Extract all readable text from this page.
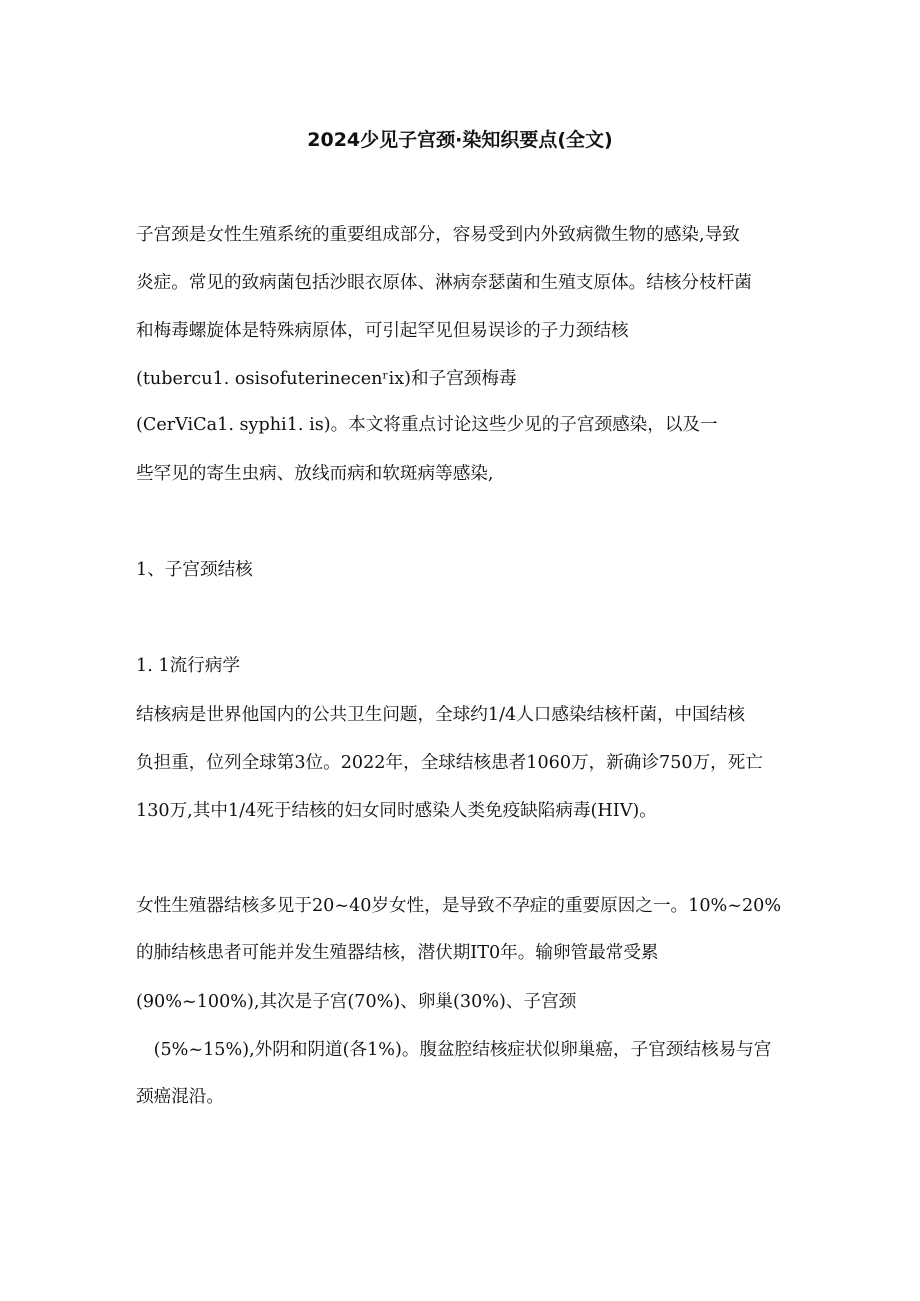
2024少见子宫颈·染知织要点(全文)
子宫颈是女性生殖系统的重要组成部分，容易受到内外致病微生物的感染,导致
炎症。常见的致病菌包括沙眼衣原体、淋病奈瑟菌和生殖支原体。结核分枝杆菌
和梅毒螺旋体是特殊病原体，可引起罕见但易误诊的子力颈结核
(tubercu1. osisofuterinecenʳix)和子宫颈梅毒
(CerViCa1. syphi1. is)。本文将重点讨论这些少见的子宫颈感染，以及一
些罕见的寄生虫病、放线而病和软斑病等感染,
1、子宫颈结核
1. 1流行病学
结核病是世界他国内的公共卫生问题，全球约1/4人口感染结核杆菌，中国结核
负担重，位列全球第3位。2022年，全球结核患者1060万，新确诊750万，死亡
130万,其中1/4死于结核的妇女同时感染人类免疫缺陷病毒(HIV)。
女性生殖器结核多见于20~40岁女性，是导致不孕症的重要原因之一。10%~20%
的肺结核患者可能并发生殖器结核，潜伏期IT0年。输卵管最常受累
(90%~100%),其次是子宫(70%)、卵巢(30%)、子宫颈
　(5%~15%),外阴和阴道(各1%)。腹盆腔结核症状似卵巢癌，子官颈结核易与宫
颈癌混沿。
